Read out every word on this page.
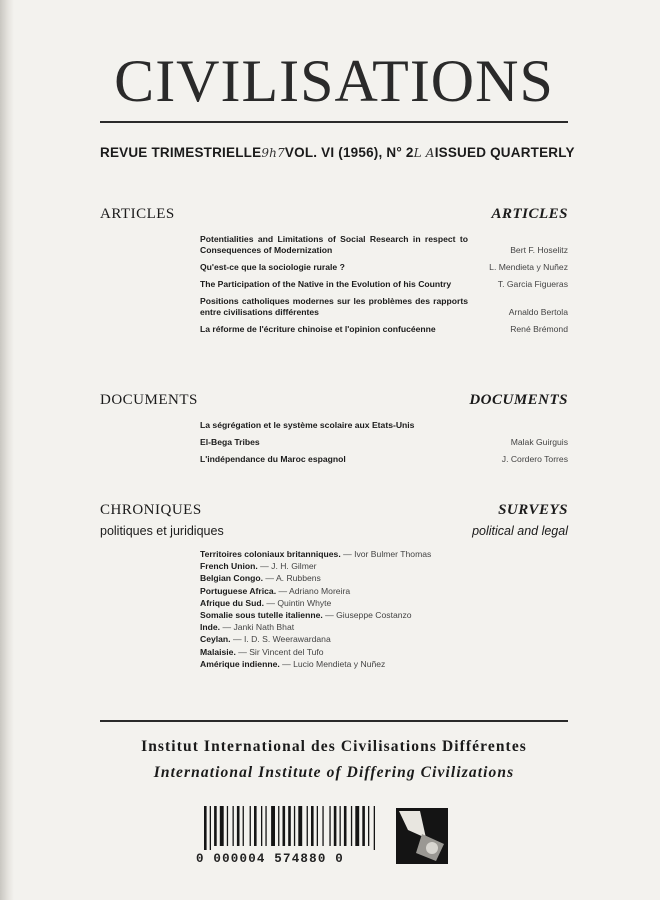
CIVILISATIONS
REVUE TRIMESTRIELLE 9h7 VOL. VI (1956), N° 2 L A ISSUED QUARTERLY
ARTICLES	ARTICLES
Potentialities and Limitations of Social Research in respect to Consequences of Modernization	Bert F. Hoselitz
Qu'est-ce que la sociologie rurale ?	L. Mendieta y Nuñez
The Participation of the Native in the Evolution of his Country	T. Garcia Figueras
Positions catholiques modernes sur les problèmes des rapports entre civilisations différentes	Arnaldo Bertola
La réforme de l'écriture chinoise et l'opinion confucéenne	René Brémond
DOCUMENTS	DOCUMENTS
La ségrégation et le système scolaire aux Etats-Unis
El-Bega Tribes	Malak Guirguis
L'indépendance du Maroc espagnol	J. Cordero Torres
CHRONIQUES	SURVEYS
politiques et juridiques	political and legal
Territoires coloniaux britanniques. — Ivor Bulmer Thomas
French Union. — J. H. Gilmer
Belgian Congo. — A. Rubbens
Portuguese Africa. — Adriano Moreira
Afrique du Sud. — Quintin Whyte
Somalie sous tutelle italienne. — Giuseppe Costanzo
Inde. — Janki Nath Bhat
Ceylan. — I. D. S. Weerawardana
Malaisie. — Sir Vincent del Tufo
Amérique indienne. — Lucio Mendieta y Nuñez
Institut International des Civilisations Différentes
International Institute of Differing Civilizations
0 000004 574880 0
